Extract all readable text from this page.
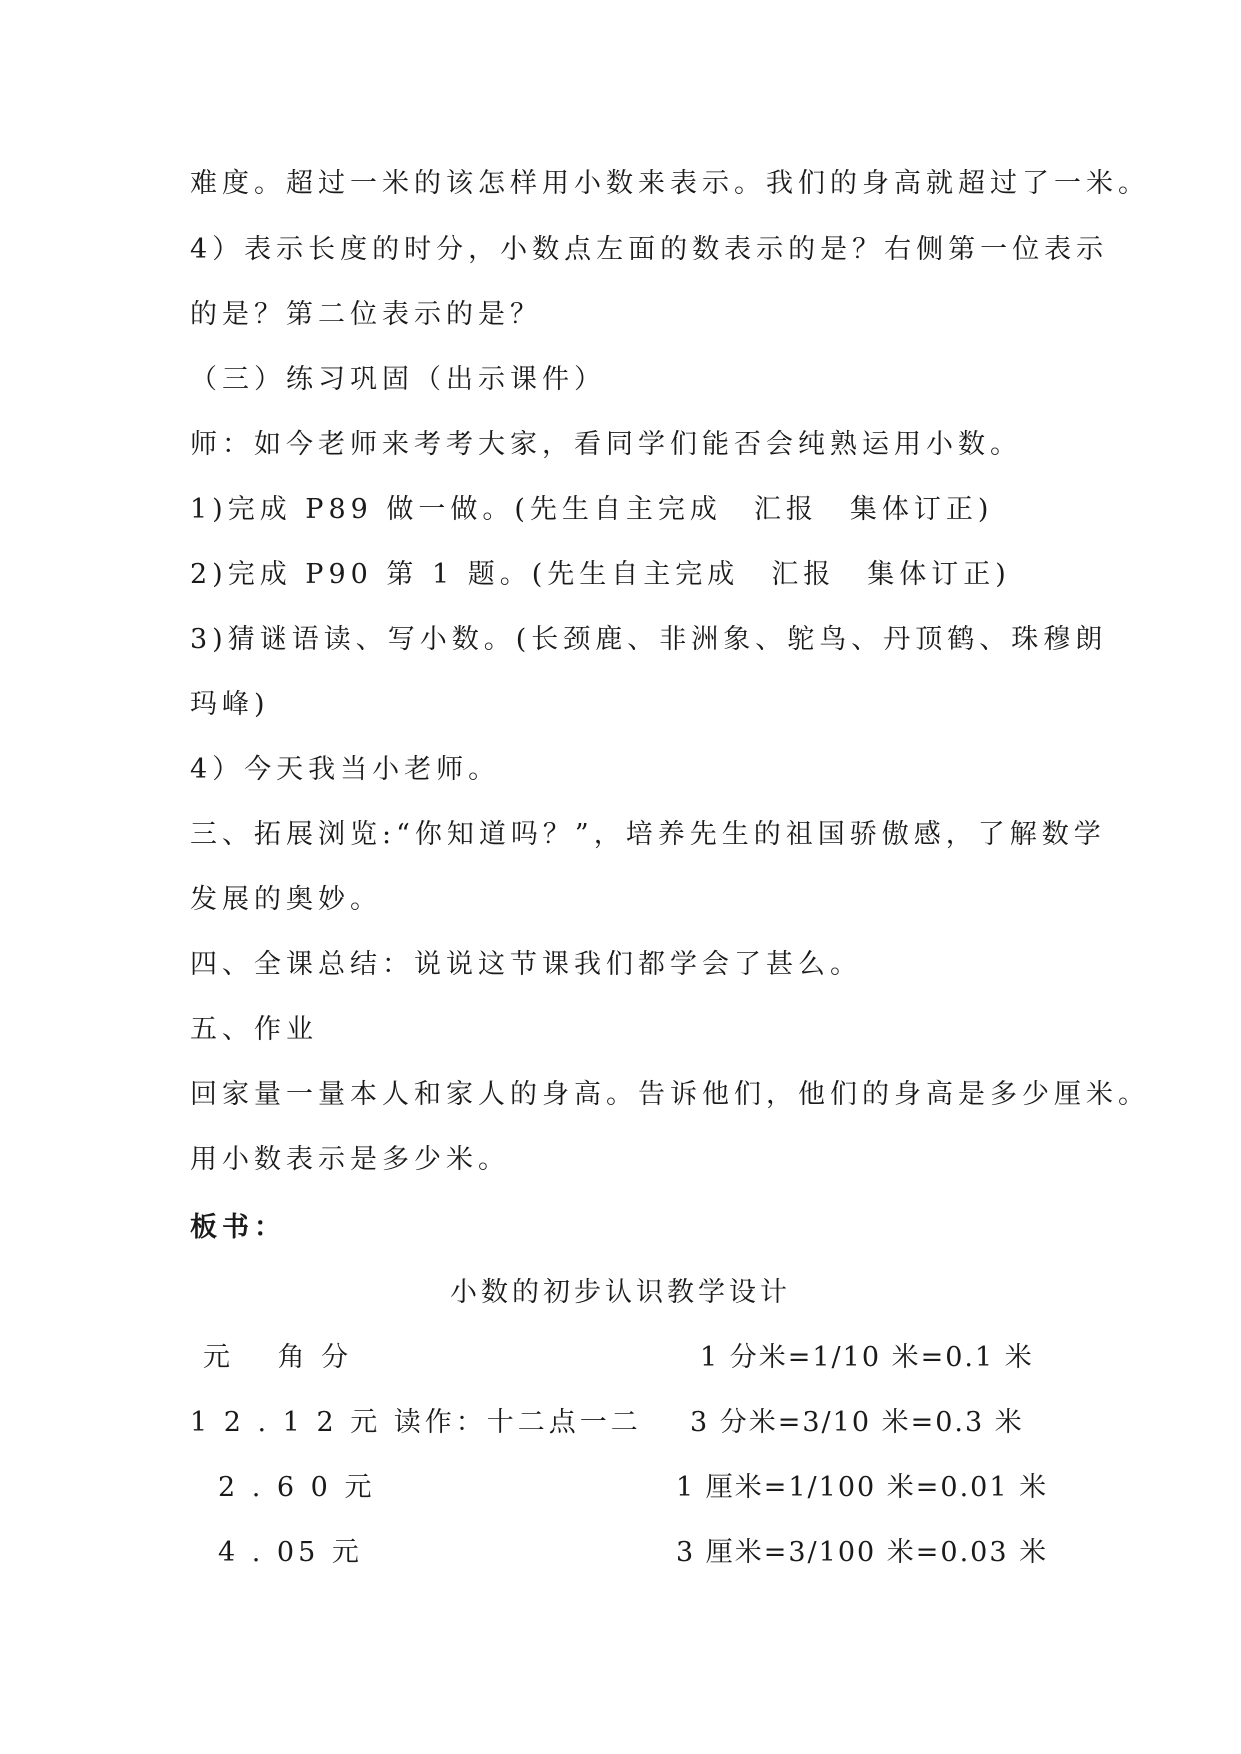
难度。超过一米的该怎样用小数来表示。我们的身高就超过了一米。
4）表示长度的时分，小数点左面的数表示的是？右侧第一位表示
的是？第二位表示的是？
（三）练习巩固（出示课件）
师：如今老师来考考大家，看同学们能否会纯熟运用小数。
1)完成 P89 做一做。(先生自主完成　汇报　集体订正)
2)完成 P90 第 1 题。(先生自主完成　汇报　集体订正)
3)猜谜语读、写小数。(长颈鹿、非洲象、鸵鸟、丹顶鹤、珠穆朗
玛峰)
4）今天我当小老师。
三、拓展浏览:“你知道吗？”，培养先生的祖国骄傲感，了解数学
发展的奥妙。
四、全课总结：说说这节课我们都学会了甚么。
五、作业
回家量一量本人和家人的身高。告诉他们，他们的身高是多少厘米。
用小数表示是多少米。
板书：
小数的初步认识教学设计
元　 角 分
1 2 . 1 2 元 读作：十二点一二
2 . 6 0 元
4 . 05 元
1 分米=1/10 米=0.1 米
3 分米=3/10 米=0.3 米
1 厘米=1/100 米=0.01 米
3 厘米=3/100 米=0.03 米
